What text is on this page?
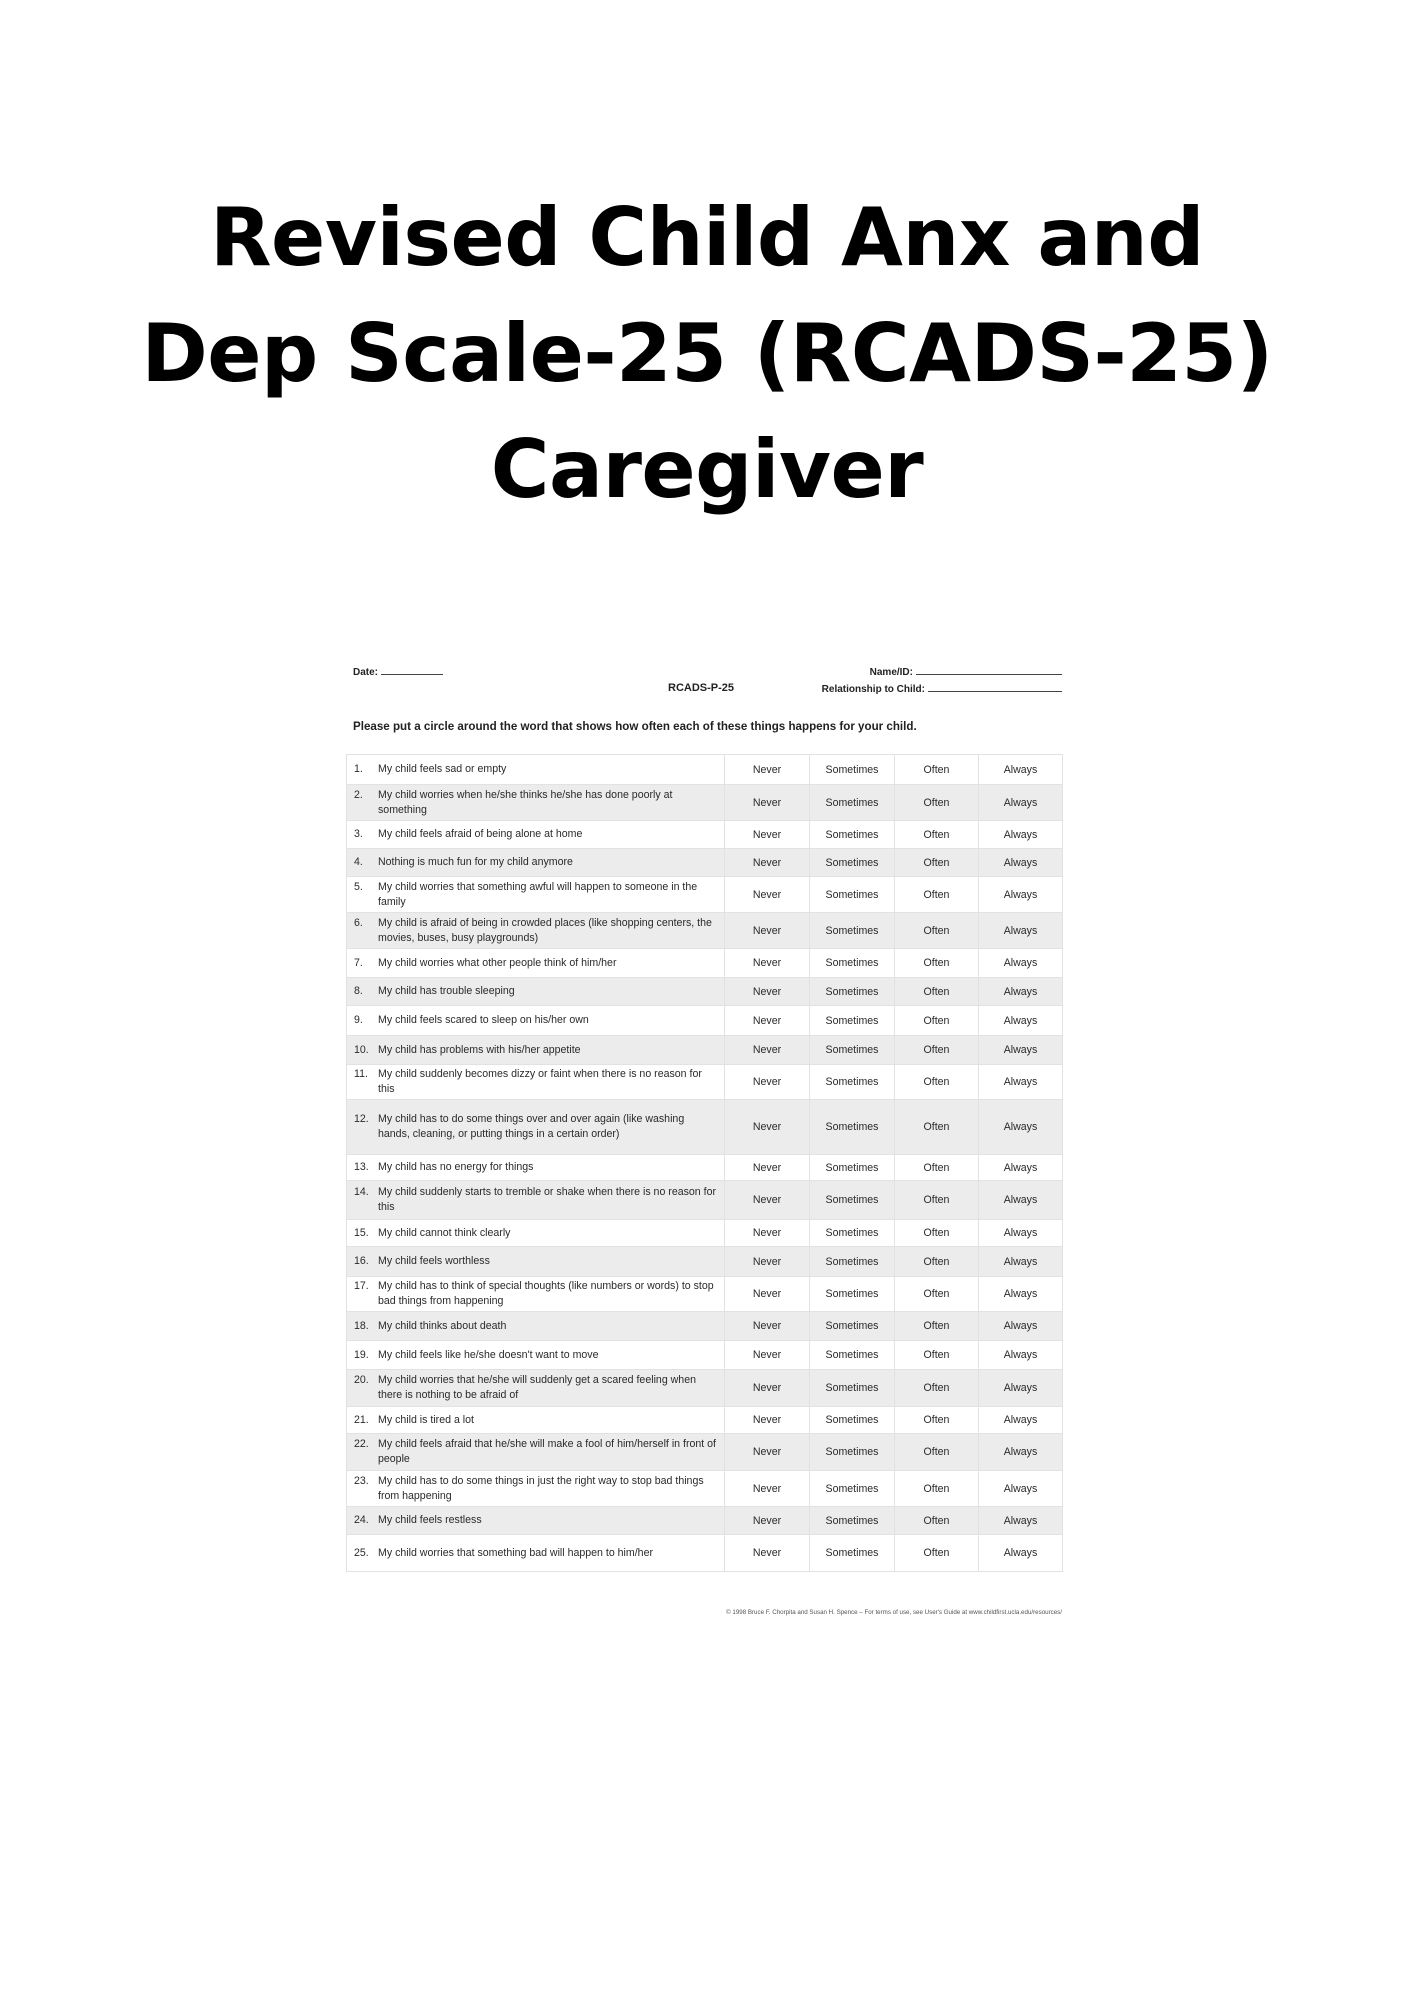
Revised Child Anx and
Dep Scale-25 (RCADS-25)
Caregiver
Date:	Name/ID:
RCADS-P-25	Relationship to Child:
Please put a circle around the word that shows how often each of these things happens for your child.
1. My child feels sad or empty	Never	Sometimes	Often	Always

2. My child worries when he/she thinks he/she has done poorly at something	Never	Sometimes	Often	Always

3. My child feels afraid of being alone at home	Never	Sometimes	Often	Always

4. Nothing is much fun for my child anymore	Never	Sometimes	Often	Always

5. My child worries that something awful will happen to someone in the family	Never	Sometimes	Often	Always

6. My child is afraid of being in crowded places (like shopping centers, the movies, buses, busy playgrounds)	Never	Sometimes	Often	Always

7. My child worries what other people think of him/her	Never	Sometimes	Often	Always

8. My child has trouble sleeping	Never	Sometimes	Often	Always

9. My child feels scared to sleep on his/her own	Never	Sometimes	Often	Always

10. My child has problems with his/her appetite	Never	Sometimes	Often	Always

11. My child suddenly becomes dizzy or faint when there is no reason for this	Never	Sometimes	Often	Always

12. My child has to do some things over and over again (like washing hands, cleaning, or putting things in a certain order)	Never	Sometimes	Often	Always

13. My child has no energy for things	Never	Sometimes	Often	Always

14. My child suddenly starts to tremble or shake when there is no reason for this	Never	Sometimes	Often	Always

15. My child cannot think clearly	Never	Sometimes	Often	Always

16. My child feels worthless	Never	Sometimes	Often	Always

17. My child has to think of special thoughts (like numbers or words) to stop bad things from happening	Never	Sometimes	Often	Always

18. My child thinks about death	Never	Sometimes	Often	Always

19. My child feels like he/she doesn't want to move	Never	Sometimes	Often	Always

20. My child worries that he/she will suddenly get a scared feeling when there is nothing to be afraid of	Never	Sometimes	Often	Always

21. My child is tired a lot	Never	Sometimes	Often	Always

22. My child feels afraid that he/she will make a fool of him/herself in front of people	Never	Sometimes	Often	Always

23. My child has to do some things in just the right way to stop bad things from happening	Never	Sometimes	Often	Always

24. My child feels restless	Never	Sometimes	Often	Always

25. My child worries that something bad will happen to him/her	Never	Sometimes	Often	Always
© 1998 Bruce F. Chorpita and Susan H. Spence – For terms of use, see User's Guide at www.childfirst.ucla.edu/resources/
